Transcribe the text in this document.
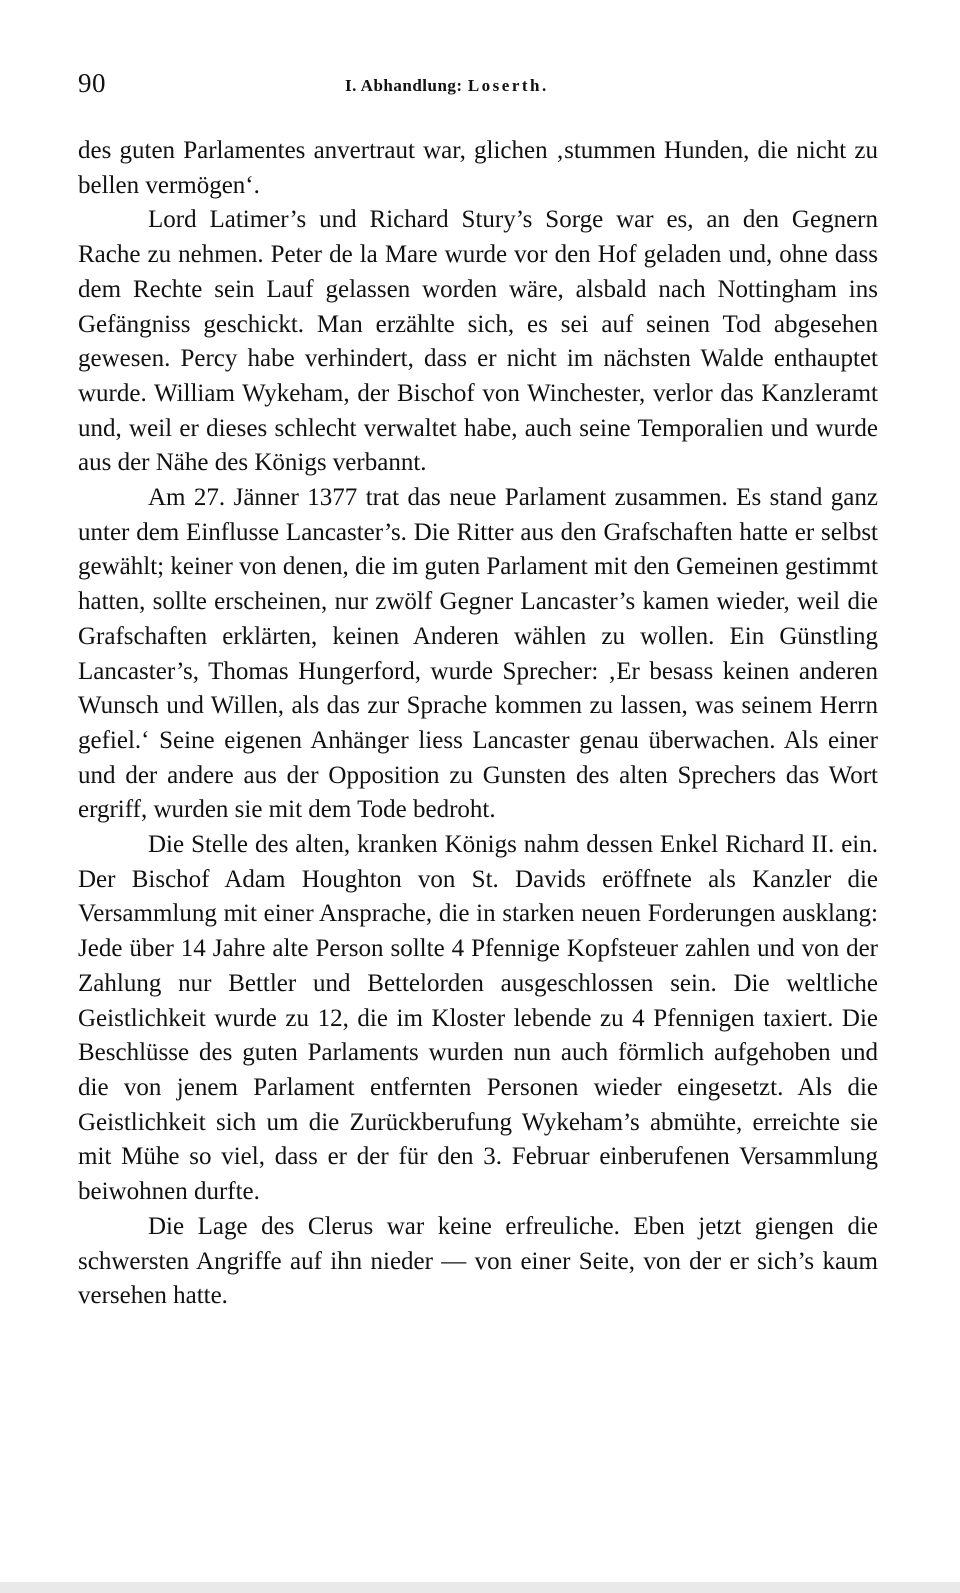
90	I. Abhandlung: Loserth.

des guten Parlamentes anvertraut war, glichen ‚stummen Hunden, die nicht zu bellen vermögen‘.

Lord Latimer’s und Richard Stury’s Sorge war es, an den Gegnern Rache zu nehmen. Peter de la Mare wurde vor den Hof geladen und, ohne dass dem Rechte sein Lauf gelassen worden wäre, alsbald nach Nottingham ins Gefängniss geschickt. Man erzählte sich, es sei auf seinen Tod abgesehen gewesen. Percy habe verhindert, dass er nicht im nächsten Walde enthauptet wurde. William Wykeham, der Bischof von Winchester, verlor das Kanzleramt und, weil er dieses schlecht verwaltet habe, auch seine Temporalien und wurde aus der Nähe des Königs verbannt.

Am 27. Jänner 1377 trat das neue Parlament zusammen. Es stand ganz unter dem Einflusse Lancaster’s. Die Ritter aus den Grafschaften hatte er selbst gewählt; keiner von denen, die im guten Parlament mit den Gemeinen gestimmt hatten, sollte erscheinen, nur zwölf Gegner Lancaster’s kamen wieder, weil die Grafschaften erklärten, keinen Anderen wählen zu wollen. Ein Günstling Lancaster’s, Thomas Hungerford, wurde Sprecher: ‚Er besass keinen anderen Wunsch und Willen, als das zur Sprache kommen zu lassen, was seinem Herrn gefiel.‘ Seine eigenen Anhänger liess Lancaster genau überwachen. Als einer und der andere aus der Opposition zu Gunsten des alten Sprechers das Wort ergriff, wurden sie mit dem Tode bedroht.

Die Stelle des alten, kranken Königs nahm dessen Enkel Richard II. ein. Der Bischof Adam Houghton von St. Davids eröffnete als Kanzler die Versammlung mit einer Ansprache, die in starken neuen Forderungen ausklang: Jede über 14 Jahre alte Person sollte 4 Pfennige Kopfsteuer zahlen und von der Zahlung nur Bettler und Bettelorden ausgeschlossen sein. Die weltliche Geistlichkeit wurde zu 12, die im Kloster lebende zu 4 Pfennigen taxiert. Die Beschlüsse des guten Parlaments wurden nun auch förmlich aufgehoben und die von jenem Parlament entfernten Personen wieder eingesetzt. Als die Geistlichkeit sich um die Zurückberufung Wykeham’s abmühte, erreichte sie mit Mühe so viel, dass er der für den 3. Februar einberufenen Versammlung beiwohnen durfte.

Die Lage des Clerus war keine erfreuliche. Eben jetzt giengen die schwersten Angriffe auf ihn nieder — von einer Seite, von der er sich’s kaum versehen hatte.
